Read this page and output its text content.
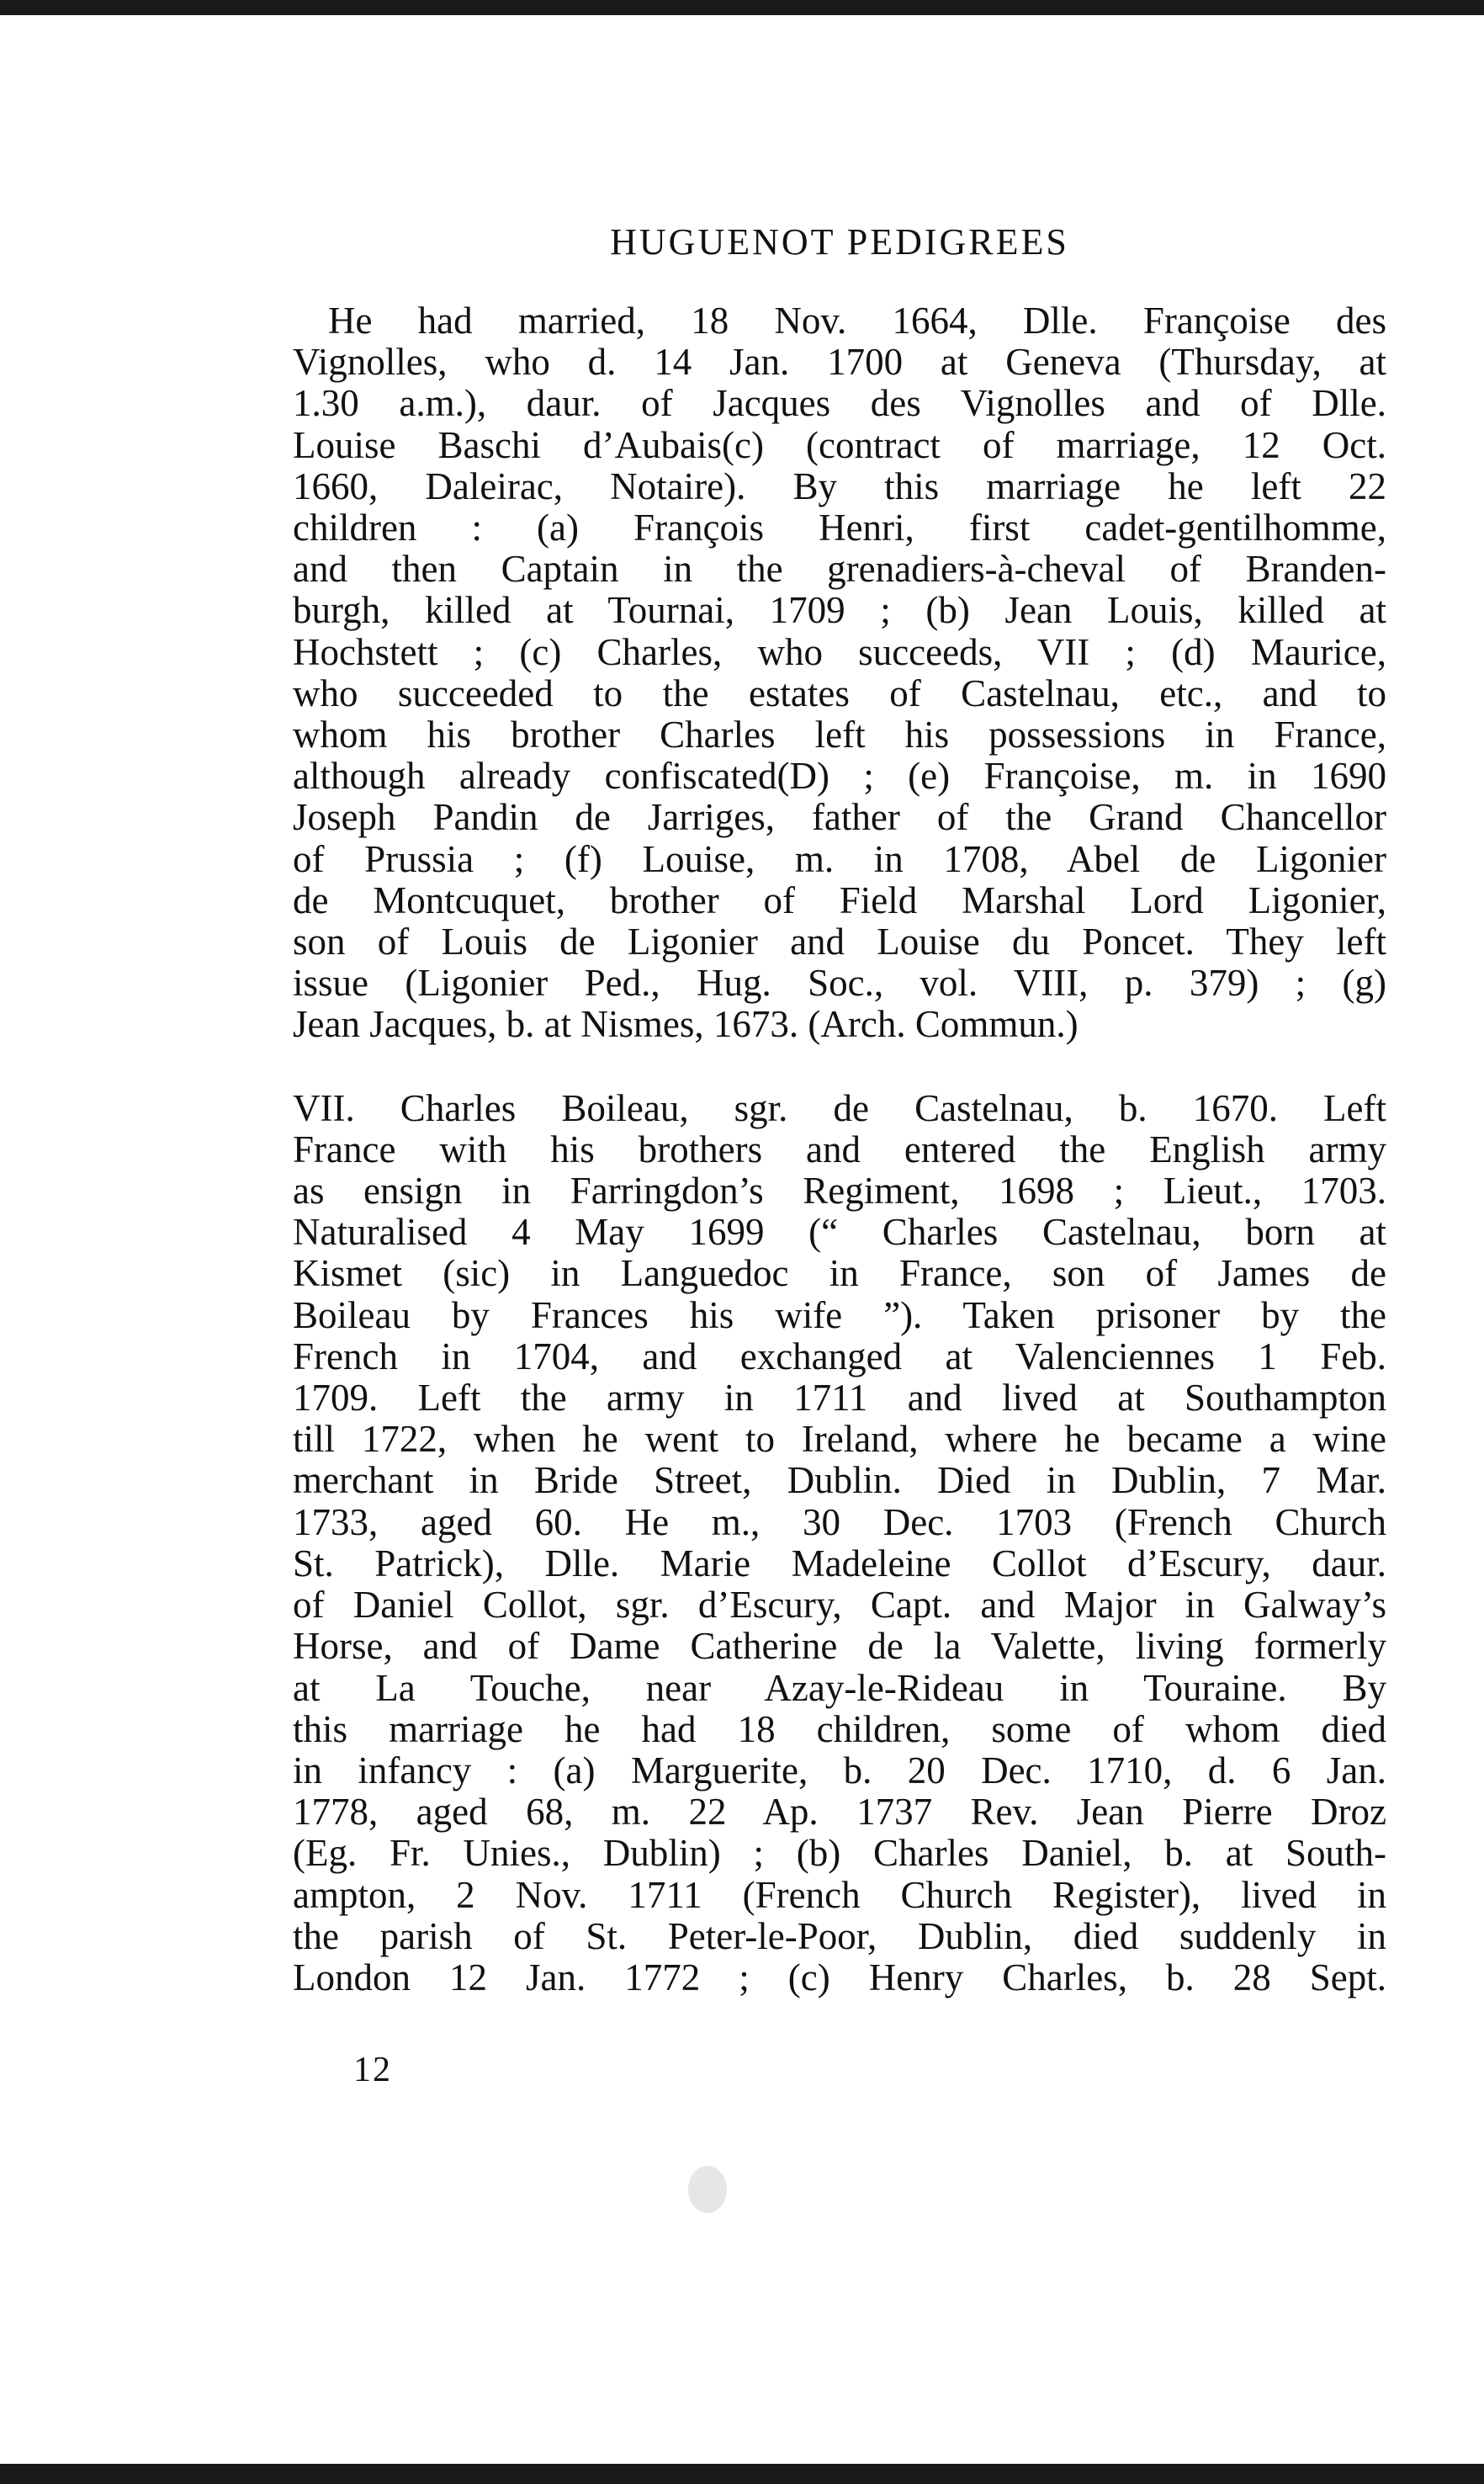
HUGUENOT PEDIGREES

He had married, 18 Nov. 1664, Dlle. Françoise des
Vignolles, who d. 14 Jan. 1700 at Geneva (Thursday, at
1.30 a.m.), daur. of Jacques des Vignolles and of Dlle.
Louise Baschi d’Aubais(c) (contract of marriage, 12 Oct.
1660, Daleirac, Notaire). By this marriage he left 22
children : (a) François Henri, first cadet-gentilhomme,
and then Captain in the grenadiers-à-cheval of Branden-
burgh, killed at Tournai, 1709 ; (b) Jean Louis, killed at
Hochstett ; (c) Charles, who succeeds, VII ; (d) Maurice,
who succeeded to the estates of Castelnau, etc., and to
whom his brother Charles left his possessions in France,
although already confiscated(D) ; (e) Françoise, m. in 1690
Joseph Pandin de Jarriges, father of the Grand Chancellor
of Prussia ; (f) Louise, m. in 1708, Abel de Ligonier
de Montcuquet, brother of Field Marshal Lord Ligonier,
son of Louis de Ligonier and Louise du Poncet. They left
issue (Ligonier Ped., Hug. Soc., vol. VIII, p. 379) ; (g)
Jean Jacques, b. at Nismes, 1673. (Arch. Commun.)

VII. Charles Boileau, sgr. de Castelnau, b. 1670. Left
France with his brothers and entered the English army
as ensign in Farringdon’s Regiment, 1698 ; Lieut., 1703.
Naturalised 4 May 1699 (“ Charles Castelnau, born at
Kismet (sic) in Languedoc in France, son of James de
Boileau by Frances his wife ”). Taken prisoner by the
French in 1704, and exchanged at Valenciennes 1 Feb.
1709. Left the army in 1711 and lived at Southampton
till 1722, when he went to Ireland, where he became a wine
merchant in Bride Street, Dublin. Died in Dublin, 7 Mar.
1733, aged 60. He m., 30 Dec. 1703 (French Church
St. Patrick), Dlle. Marie Madeleine Collot d’Escury, daur.
of Daniel Collot, sgr. d’Escury, Capt. and Major in Galway’s
Horse, and of Dame Catherine de la Valette, living formerly
at La Touche, near Azay-le-Rideau in Touraine. By
this marriage he had 18 children, some of whom died
in infancy : (a) Marguerite, b. 20 Dec. 1710, d. 6 Jan.
1778, aged 68, m. 22 Ap. 1737 Rev. Jean Pierre Droz
(Eg. Fr. Unies., Dublin) ; (b) Charles Daniel, b. at South-
ampton, 2 Nov. 1711 (French Church Register), lived in
the parish of St. Peter-le-Poor, Dublin, died suddenly in
London 12 Jan. 1772 ; (c) Henry Charles, b. 28 Sept.

12
